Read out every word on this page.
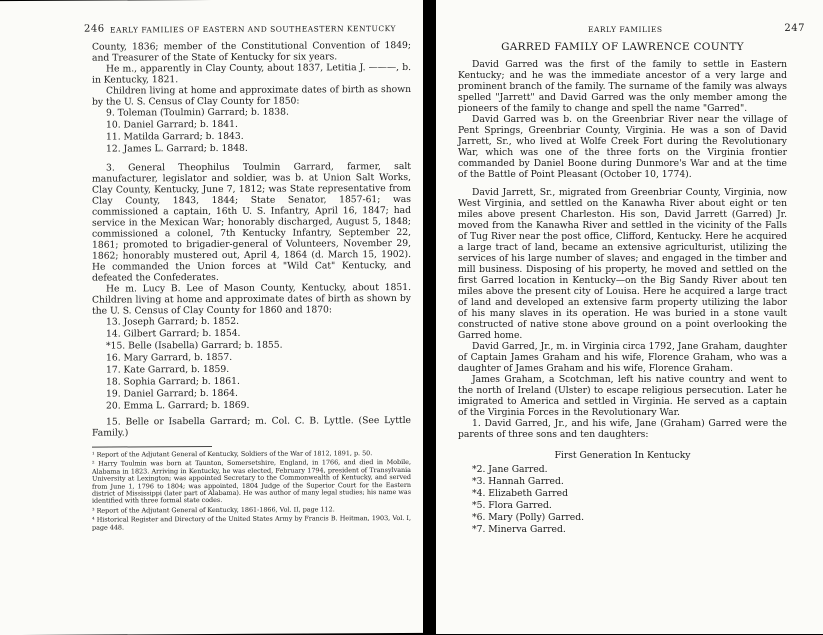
246 EARLY FAMILIES OF EASTERN AND SOUTHEASTERN KENTUCKY

County, 1836; member of the Constitutional Convention of 1849; and Treasurer of the State of Kentucky for six years.

He m., apparently in Clay County, about 1837, Letitia J. ———, b. in Kentucky, 1821.

Children living at home and approximate dates of birth as shown by the U. S. Census of Clay County for 1850:

9. Toleman (Toulmin) Garrard; b. 1838.

10. Daniel Garrard; b. 1841.

11. Matilda Garrard; b. 1843.

12. James L. Garrard; b. 1848.

3. General Theophilus Toulmin Garrard, farmer, salt manufacturer, legislator and soldier, was b. at Union Salt Works, Clay County, Kentucky, June 7, 1812; was State representative from Clay County, 1843, 1844; State Senator, 1857-61; was commissioned a captain, 16th U. S. Infantry, April 16, 1847; had service in the Mexican War; honorably discharged, August 5, 1848; commissioned a colonel, 7th Kentucky Infantry, September 22, 1861; promoted to brigadier-general of Volunteers, November 29, 1862; honorably mustered out, April 4, 1864 (d. March 15, 1902). He commanded the Union forces at "Wild Cat" Kentucky, and defeated the Confederates.

He m. Lucy B. Lee of Mason County, Kentucky, about 1851. Children living at home and approximate dates of birth as shown by the U. S. Census of Clay County for 1860 and 1870:

13. Joseph Garrard; b. 1852.

14. Gilbert Garrard; b. 1854.

*15. Belle (Isabella) Garrard; b. 1855.

16. Mary Garrard, b. 1857.

17. Kate Garrard, b. 1859.

18. Sophia Garrard; b. 1861.

19. Daniel Garrard; b. 1864.

20. Emma L. Garrard; b. 1869.

15. Belle or Isabella Garrard; m. Col. C. B. Lyttle. (See Lyttle Family.)

¹ Report of the Adjutant General of Kentucky, Soldiers of the War of 1812, 1891, p. 50.

² Harry Toulmin was born at Taunton, Somersetshire, England, in 1766, and died in Mobile, Alabama in 1823. Arriving in Kentucky, he was elected, February 1794, president of Transylvania University at Lexington; was appointed Secretary to the Commonwealth of Kentucky, and served from June 1, 1796 to 1804; was appointed, 1804 Judge of the Superior Court for the Eastern district of Mississippi (later part of Alabama). He was author of many legal studies; his name was identified with three formal state codes.

³ Report of the Adjutant General of Kentucky, 1861-1866, Vol. II, page 112.

⁴ Historical Register and Directory of the United States Army by Francis B. Heitman, 1903, Vol. I, page 448.

EARLY FAMILIES	247

GARRED FAMILY OF LAWRENCE COUNTY

David Garred was the first of the family to settle in Eastern Kentucky; and he was the immediate ancestor of a very large and prominent branch of the family. The surname of the family was always spelled "Jarrett" and David Garred was the only member among the pioneers of the family to change and spell the name "Garred".

David Garred was b. on the Greenbriar River near the village of Pent Springs, Greenbriar County, Virginia. He was a son of David Jarrett, Sr., who lived at Wolfe Creek Fort during the Revolutionary War, which was one of the three forts on the Virginia frontier commanded by Daniel Boone during Dunmore's War and at the time of the Battle of Point Pleasant (October 10, 1774).

David Jarrett, Sr., migrated from Greenbriar County, Virginia, now West Virginia, and settled on the Kanawha River about eight or ten miles above present Charleston. His son, David Jarrett (Garred) Jr. moved from the Kanawha River and settled in the vicinity of the Falls of Tug River near the post office, Clifford, Kentucky. Here he acquired a large tract of land, became an extensive agriculturist, utilizing the services of his large number of slaves; and engaged in the timber and mill business. Disposing of his property, he moved and settled on the first Garred location in Kentucky—on the Big Sandy River about ten miles above the present city of Louisa. Here he acquired a large tract of land and developed an extensive farm property utilizing the labor of his many slaves in its operation. He was buried in a stone vault constructed of native stone above ground on a point overlooking the Garred home.

David Garred, Jr., m. in Virginia circa 1792, Jane Graham, daughter of Captain James Graham and his wife, Florence Graham, who was a daughter of James Graham and his wife, Florence Graham.

James Graham, a Scotchman, left his native country and went to the north of Ireland (Ulster) to escape religious persecution. Later he imigrated to America and settled in Virginia. He served as a captain of the Virginia Forces in the Revolutionary War.

1. David Garred, Jr., and his wife, Jane (Graham) Garred were the parents of three sons and ten daughters:

First Generation In Kentucky

*2. Jane Garred.

*3. Hannah Garred.

*4. Elizabeth Garred

*5. Flora Garred.

*6. Mary (Polly) Garred.

*7. Minerva Garred.
